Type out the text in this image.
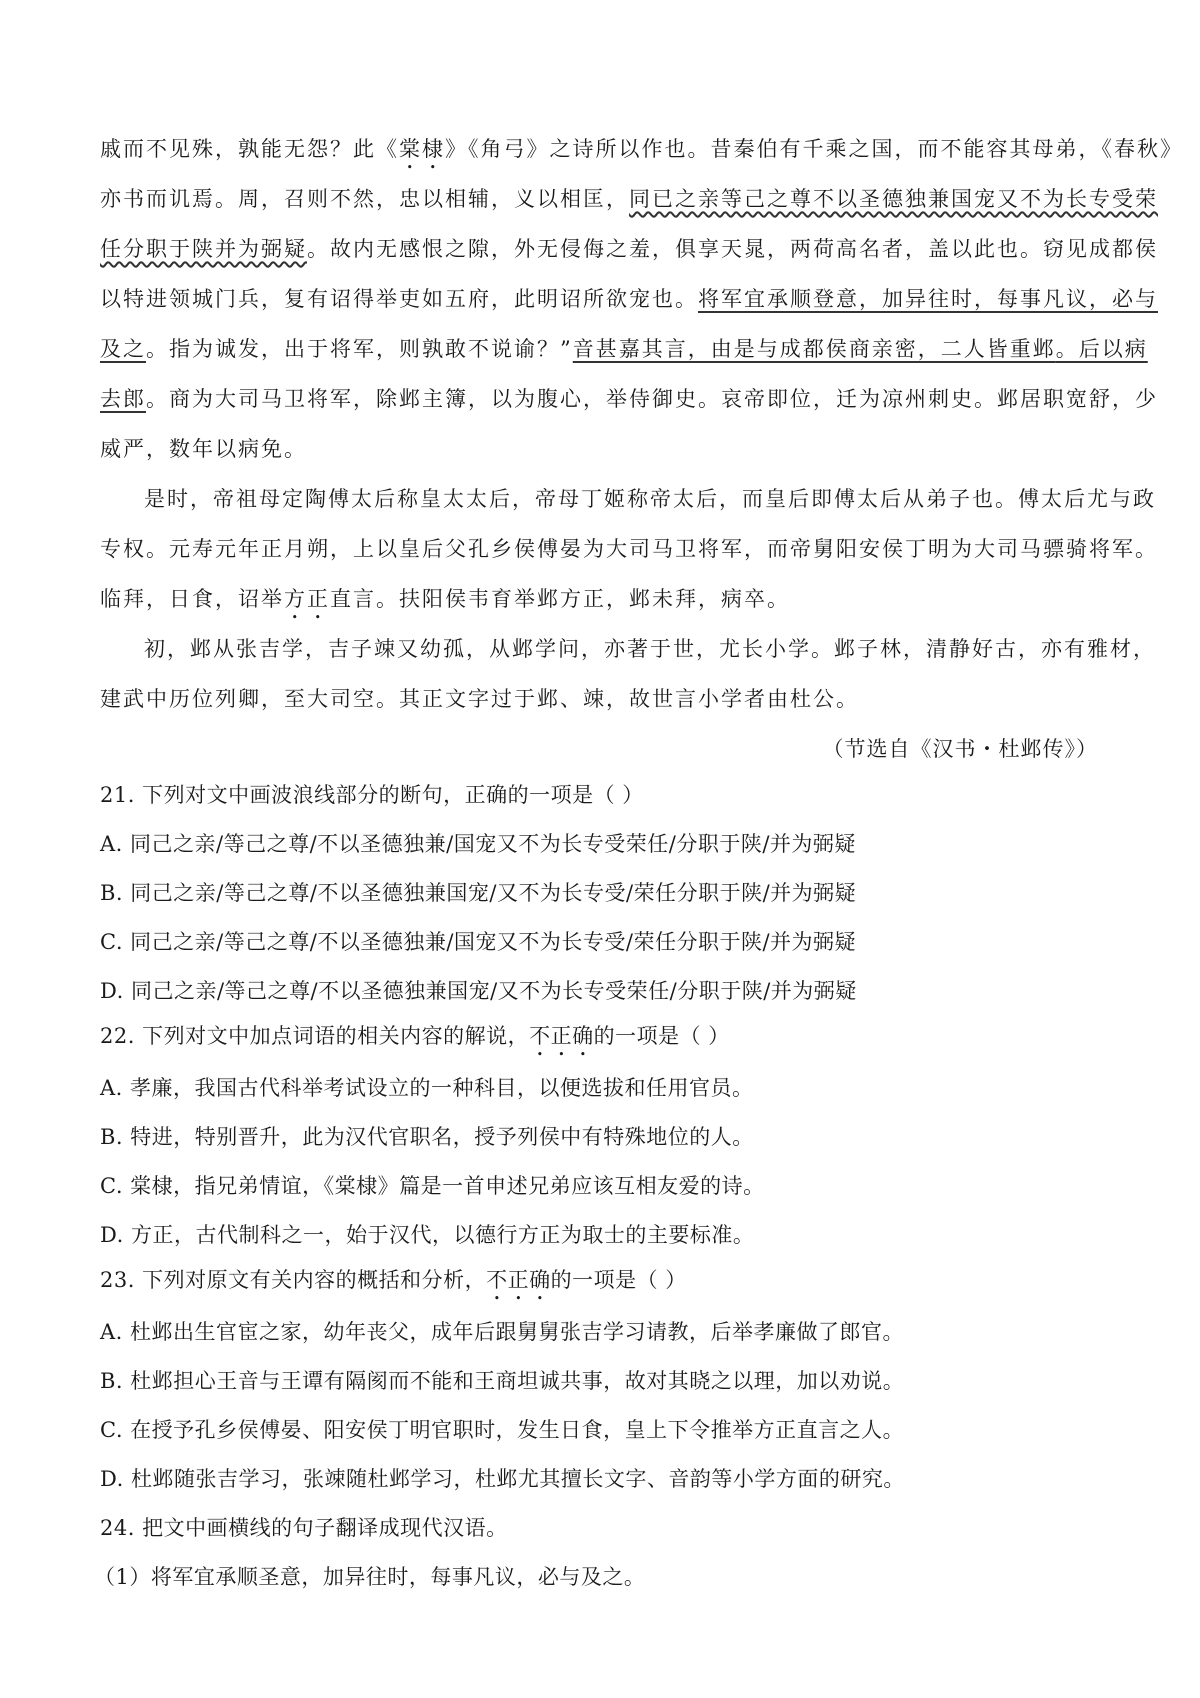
戚而不见殊，孰能无怨？此《棠棣》《角弓》之诗所以作也。昔秦伯有千乘之国，而不能容其母弟，《春秋》
亦书而讥焉。周，召则不然，忠以相辅，义以相匡，同已之亲等己之尊不以圣德独兼国宠又不为长专受荣
任分职于陕并为弼疑。故内无感恨之隙，外无侵侮之羞，俱享天晁，两荷高名者，盖以此也。窃见成都侯
以特进领城门兵，复有诏得举吏如五府，此明诏所欲宠也。将军宜承顺登意，加异往时，每事凡议，必与
及之。指为诚发，出于将军，则孰敢不说谕？”音甚嘉其言，由是与成都侯商亲密，二人皆重邺。后以病
去郎。商为大司马卫将军，除邺主簿，以为腹心，举侍御史。哀帝即位，迁为凉州刺史。邺居职宽舒，少
威严，数年以病免。
是时，帝祖母定陶傅太后称皇太太后，帝母丁姬称帝太后，而皇后即傅太后从弟子也。傅太后尤与政
专权。元寿元年正月朔，上以皇后父孔乡侯傅晏为大司马卫将军，而帝舅阳安侯丁明为大司马骠骑将军。
临拜，日食，诏举方正直言。扶阳侯韦育举邺方正，邺未拜，病卒。
初，邺从张吉学，吉子竦又幼孤，从邺学问，亦著于世，尤长小学。邺子林，清静好古，亦有雅材，
建武中历位列卿，至大司空。其正文字过于邺、竦，故世言小学者由杜公。
（节选自《汉书・杜邺传》）
21. 下列对文中画波浪线部分的断句，正确的一项是（ ）
A. 同己之亲/等己之尊/不以圣德独兼/国宠又不为长专受荣任/分职于陕/并为弼疑
B. 同己之亲/等己之尊/不以圣德独兼国宠/又不为长专受/荣任分职于陕/并为弼疑
C. 同己之亲/等己之尊/不以圣德独兼/国宠又不为长专受/荣任分职于陕/并为弼疑
D. 同己之亲/等己之尊/不以圣德独兼国宠/又不为长专受荣任/分职于陕/并为弼疑
22. 下列对文中加点词语的相关内容的解说，不正确的一项是（ ）
A. 孝廉，我国古代科举考试设立的一种科目，以便选拔和任用官员。
B. 特进，特别晋升，此为汉代官职名，授予列侯中有特殊地位的人。
C. 棠棣，指兄弟情谊，《棠棣》篇是一首申述兄弟应该互相友爱的诗。
D. 方正，古代制科之一，始于汉代，以德行方正为取士的主要标准。
23. 下列对原文有关内容的概括和分析，不正确的一项是（ ）
A. 杜邺出生官宦之家，幼年丧父，成年后跟舅舅张吉学习请教，后举孝廉做了郎官。
B. 杜邺担心王音与王谭有隔阂而不能和王商坦诚共事，故对其晓之以理，加以劝说。
C. 在授予孔乡侯傅晏、阳安侯丁明官职时，发生日食，皇上下令推举方正直言之人。
D. 杜邺随张吉学习，张竦随杜邺学习，杜邺尤其擅长文字、音韵等小学方面的研究。
24. 把文中画横线的句子翻译成现代汉语。
（1）将军宜承顺圣意，加异往时，每事凡议，必与及之。
